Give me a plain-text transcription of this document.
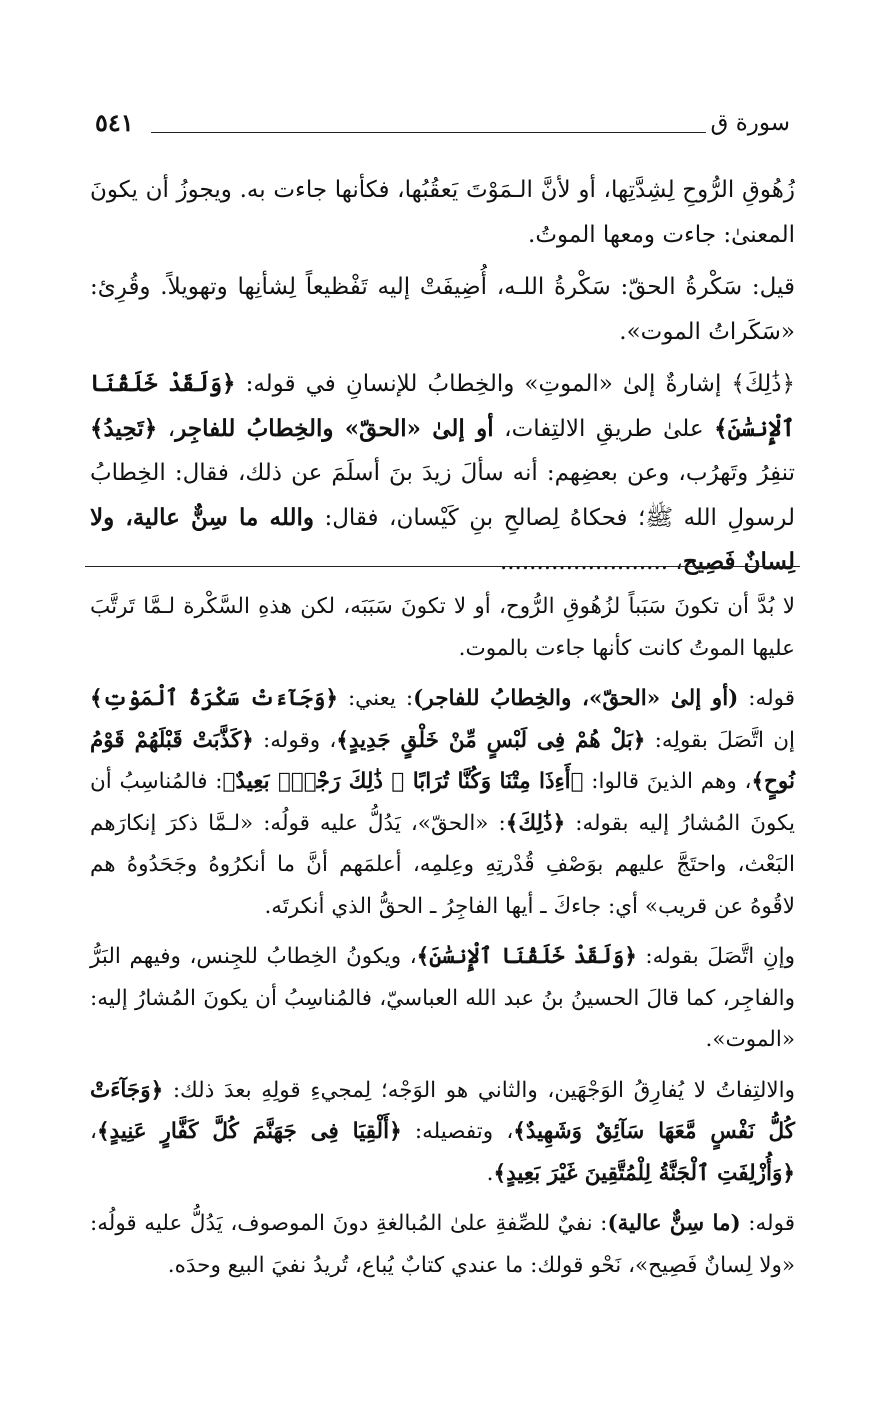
٥٤١	سورة ق

زُهُوقِ الرُّوحِ لِشِدَّتِها، أو لأنَّ الـمَوْتَ يَعقُبُها، فكأنها جاءت به. ويجوزُ أن يكونَ المعنىٰ: جاءت ومعها الموتُ.

قيل: سَكْرةُ الحقّ: سَكْرةُ اللـه، أُضِيفَتْ إليه تَفْظيعاً لِشأنِها وتهويلاً. وقُرِئ: «سَكَراتُ الموت».

﴿ذَٰلِكَ﴾ إشارةٌ إلىٰ «الموتِ» والخِطابُ للإنسانِ في قوله: ﴿وَلَقَدْ خَلَقْنَا ٱلْإِنسَٰنَ﴾ علىٰ طريقِ الالتِفات، أو إلىٰ «الحقّ» والخِطابُ للفاجِر، ﴿تَحِيدُ﴾ تنفِرُ وتَهرُب، وعن بعضِهم: أنه سألَ زيدَ بنَ أسلَمَ عن ذلك، فقال: الخِطابُ لرسولِ الله ﷺ؛ فحكاهُ لِصالحِ بنِ كَيْسان، فقال: والله ما سِنٌّ عالية، ولا لِسانٌ فَصِيح، .......................

لا بُدَّ أن تكونَ سَبَباً لزُهُوقِ الرُّوح، أو لا تكونَ سَبَبَه، لكن هذهِ السَّكْرة لـمَّا تَرتَّبَ عليها الموتُ كانت كأنها جاءت بالموت.

قوله: (أو إلىٰ «الحقّ»، والخِطابُ للفاجر): يعني: ﴿وَجَآءَتْ سَكْرَةُ ٱلْمَوْتِ﴾ إن اتَّصَلَ بقولِه: ﴿بَلْ هُمْ فِى لَبْسٍ مِّنْ خَلْقٍ جَدِيدٍ﴾، وقوله: ﴿كَذَّبَتْ قَبْلَهُمْ قَوْمُ نُوحٍ﴾، وهم الذينَ قالوا: ﴿أَءِذَا مِتْنَا وَكُنَّا تُرَابًا ۖ ذَٰلِكَ رَجْعٌۢ بَعِيدٌ﴾: فالمُناسِبُ أن يكونَ المُشارُ إليه بقوله: ﴿ذَٰلِكَ﴾: «الحقّ»، يَدُلُّ عليه قولُه: «لـمَّا ذكرَ إنكارَهم البَعْث، واحتَجَّ عليهم بوَصْفِ قُدْرتِهِ وعِلمِه، أعلمَهم أنَّ ما أنكرُوهُ وجَحَدُوهُ هم لاقُوهُ عن قريب» أي: جاءكَ ـ أيها الفاجِرُ ـ الحقُّ الذي أنكرتَه.

وإنِ اتَّصَلَ بقوله: ﴿وَلَقَدْ خَلَقْنَا ٱلْإِنسَٰنَ﴾، ويكونُ الخِطابُ للجِنس، وفيهم البَرُّ والفاجِر، كما قالَ الحسينُ بنُ عبد الله العباسيّ، فالمُناسِبُ أن يكونَ المُشارُ إليه: «الموت».

والالتِفاتُ لا يُفارِقُ الوَجْهَين، والثاني هو الوَجْه؛ لِمجيءِ قولِهِ بعدَ ذلك: ﴿وَجَآءَتْ كُلُّ نَفْسٍ مَّعَهَا سَآئِقٌ وَشَهِيدٌ﴾، وتفصيله: ﴿أَلْقِيَا فِى جَهَنَّمَ كُلَّ كَفَّارٍ عَنِيدٍ﴾، ﴿وَأُزْلِفَتِ ٱلْجَنَّةُ لِلْمُتَّقِينَ غَيْرَ بَعِيدٍ﴾.

قوله: (ما سِنٌّ عالية): نفيٌ للصِّفةِ علىٰ المُبالغةِ دونَ الموصوف، يَدُلُّ عليه قولُه: «ولا لِسانٌ فَصِيح»، نَحْو قولك: ما عندي كتابٌ يُباع، تُريدُ نفيَ البيع وحدَه.
